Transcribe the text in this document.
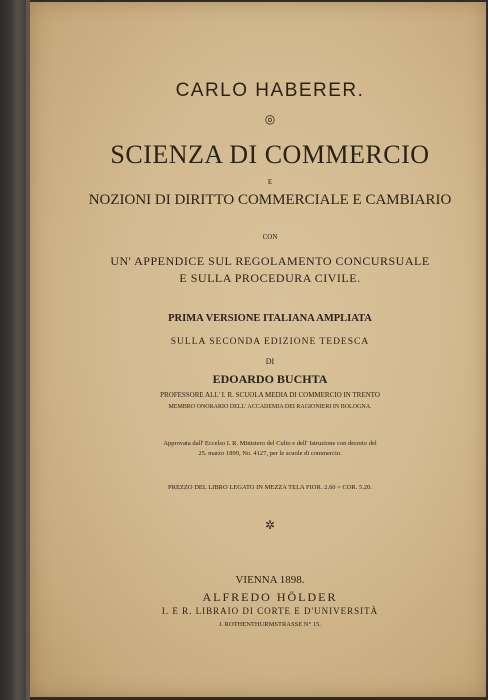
CARLO HABERER.
◎
SCIENZA DI COMMERCIO
E
NOZIONI DI DIRITTO COMMERCIALE E CAMBIARIO
CON
UN' APPENDICE SUL REGOLAMENTO CONCURSUALE
E SULLA PROCEDURA CIVILE.
PRIMA VERSIONE ITALIANA AMPLIATA
SULLA SECONDA EDIZIONE TEDESCA
DI
EDOARDO BUCHTA
PROFESSORE ALL' I. R. SCUOLA MEDIA DI COMMERCIO IN TRENTO
MEMBRO ONORARIO DELL' ACCADEMIA DEI RAGIONIERI IN BOLOGNA.
Approvata dall' Eccelso I. R. Ministero del Culto e dell' Istruzione con decreto del
25. marzo 1899, No. 4127, per le scuole di commercio.
PREZZO DEL LIBRO LEGATO IN MEZZA TELA FIOR. 2.60 = COR. 5.20.
✲
VIENNA 1898.
ALFREDO HÖLDER
I. E R. LIBRAIO DI CORTE E D'UNIVERSITÀ
I. ROTHENTHURMSTRASSE N° 15.
